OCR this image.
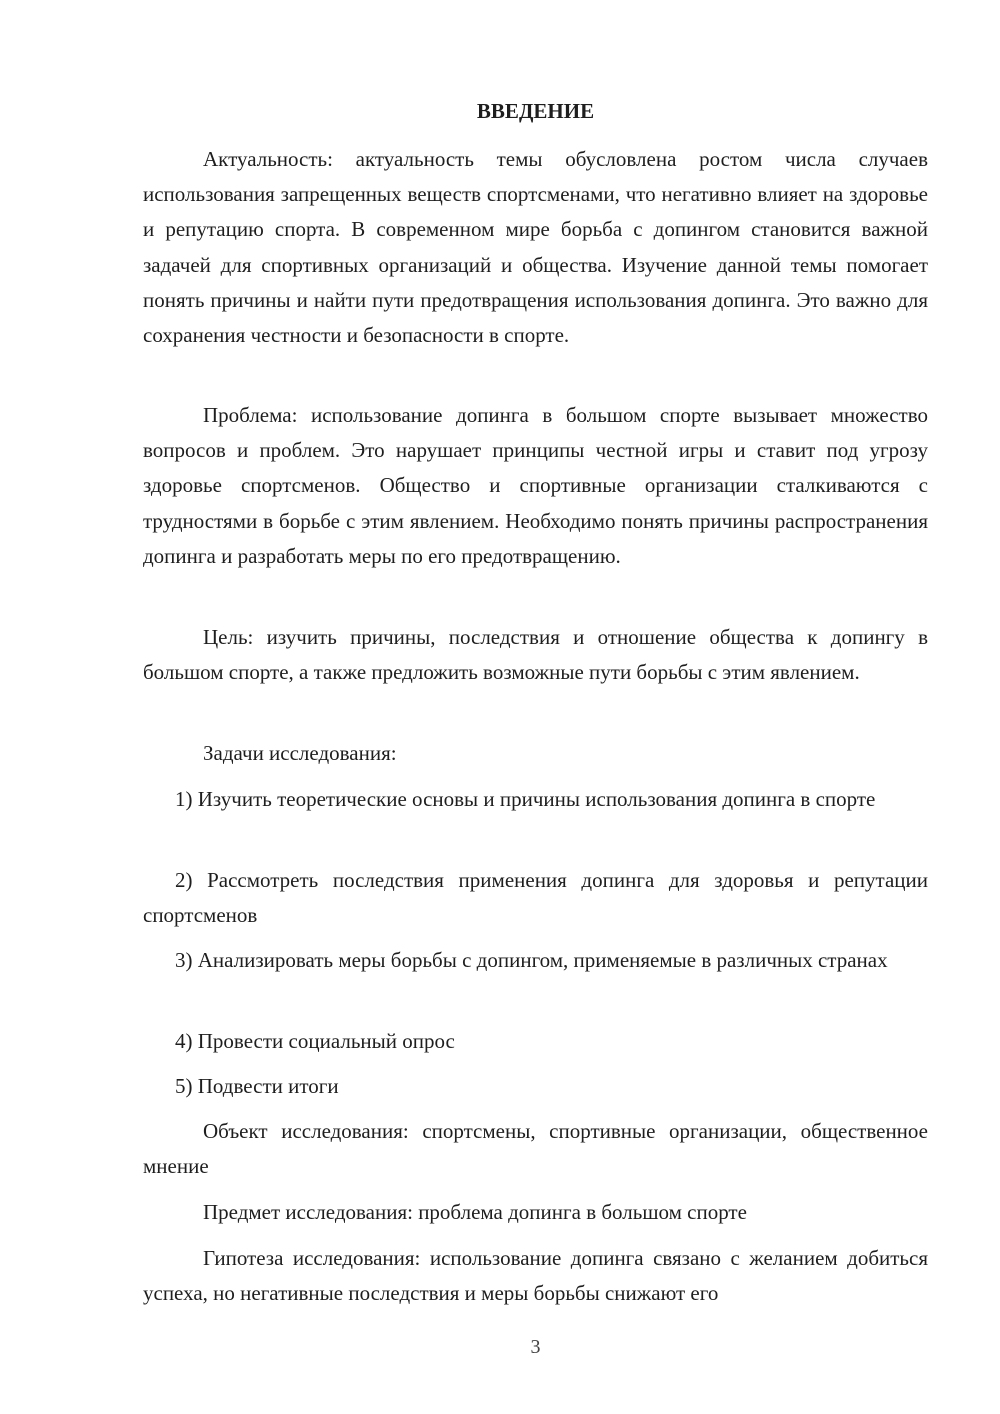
ВВЕДЕНИЕ

Актуальность: актуальность темы обусловлена ростом числа случаев использования запрещенных веществ спортсменами, что негативно влияет на здоровье и репутацию спорта. В современном мире борьба с допингом становится важной задачей для спортивных организаций и общества. Изучение данной темы помогает понять причины и найти пути предотвращения использования допинга. Это важно для сохранения честности и безопасности в спорте.

Проблема: использование допинга в большом спорте вызывает множество вопросов и проблем. Это нарушает принципы честной игры и ставит под угрозу здоровье спортсменов. Общество и спортивные организации сталкиваются с трудностями в борьбе с этим явлением. Необходимо понять причины распространения допинга и разработать меры по его предотвращению.

Цель: изучить причины, последствия и отношение общества к допингу в большом спорте, а также предложить возможные пути борьбы с этим явлением.

Задачи исследования:

1) Изучить теоретические основы и причины использования допинга в спорте

2) Рассмотреть последствия применения допинга для здоровья и репутации спортсменов

3) Анализировать меры борьбы с допингом, применяемые в различных странах

4) Провести социальный опрос

5) Подвести итоги

Объект исследования: спортсмены, спортивные организации, общественное мнение

Предмет исследования: проблема допинга в большом спорте

Гипотеза исследования: использование допинга связано с желанием добиться успеха, но негативные последствия и меры борьбы снижают его

3
